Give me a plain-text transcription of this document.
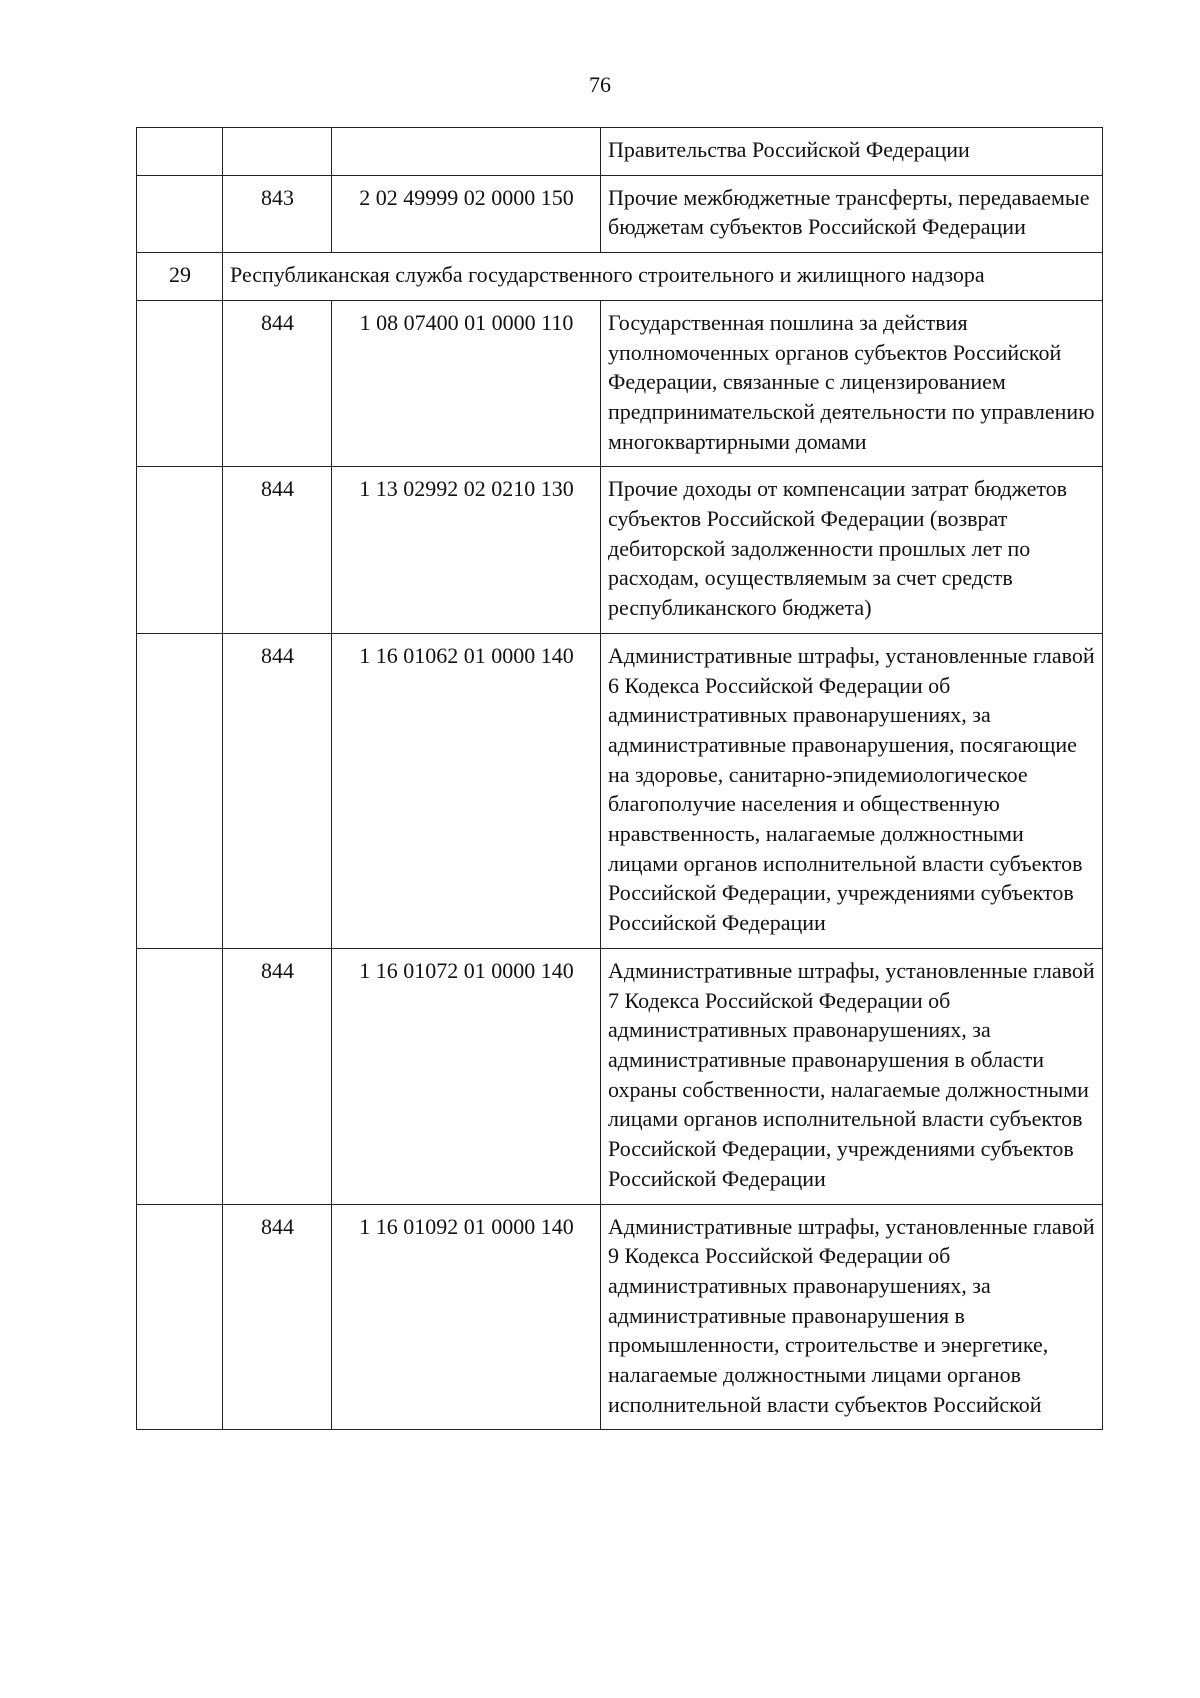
76
			Правительства Российской Федерации
	843	2 02 49999 02 0000 150	Прочие межбюджетные трансферты, передаваемые бюджетам субъектов Российской Федерации
29	Республиканская служба государственного строительного и жилищного надзора		
	844	1 08 07400 01 0000 110	Государственная пошлина за действия уполномоченных органов субъектов Российской Федерации, связанные с лицензированием предпринимательской деятельности по управлению многоквартирными домами
	844	1 13 02992 02 0210 130	Прочие доходы от компенсации затрат бюджетов субъектов Российской Федерации (возврат дебиторской задолженности прошлых лет по расходам, осуществляемым за счет средств республиканского бюджета)
	844	1 16 01062 01 0000 140	Административные штрафы, установленные главой 6 Кодекса Российской Федерации об административных правонарушениях, за административные правонарушения, посягающие на здоровье, санитарно-эпидемиологическое благополучие населения и общественную нравственность, налагаемые должностными лицами органов исполнительной власти субъектов Российской Федерации, учреждениями субъектов Российской Федерации
	844	1 16 01072 01 0000 140	Административные штрафы, установленные главой 7 Кодекса Российской Федерации об административных правонарушениях, за административные правонарушения в области охраны собственности, налагаемые должностными лицами органов исполнительной власти субъектов Российской Федерации, учреждениями субъектов Российской Федерации
	844	1 16 01092 01 0000 140	Административные штрафы, установленные главой 9 Кодекса Российской Федерации об административных правонарушениях, за административные правонарушения в промышленности, строительстве и энергетике, налагаемые должностными лицами органов исполнительной власти субъектов Российской
